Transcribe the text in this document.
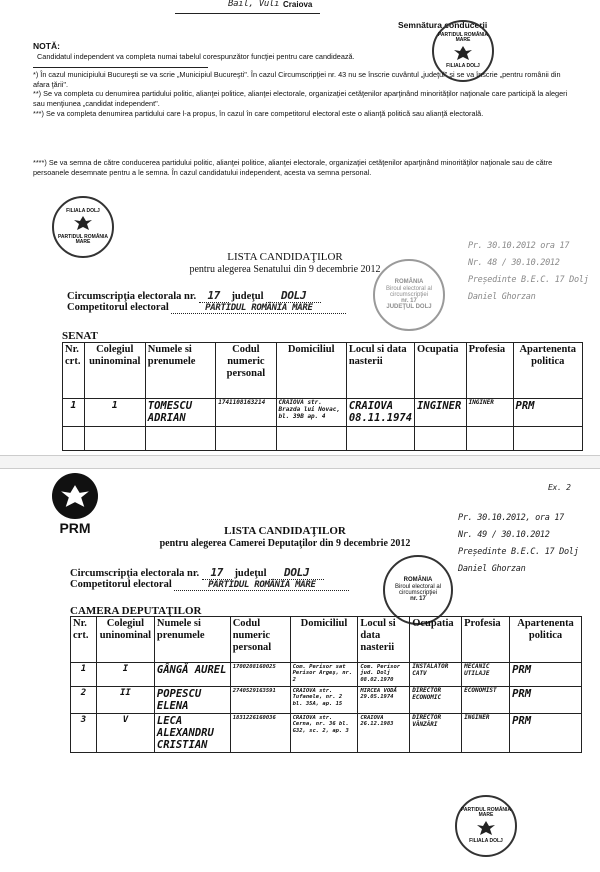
Bail, Vuli Craiova
Semnătura conducerii
PARTIDUL ROMÂNIA MARE
FILIALA DOLJ

NOTĂ:

Candidatul independent va completa numai tabelul corespunzător funcţiei pentru care candidează.

*) În cazul municipiului Bucureşti se va scrie „Municipiul Bucureşti". În cazul Circumscripţiei nr. 43 nu se înscrie cuvântul „judeţul" şi se va înscrie „pentru românii din afara ţării".

**) Se va completa cu denumirea partidului politic, alianţei politice, alianţei electorale, organizaţiei cetăţenilor aparţinând minorităţilor naţionale care participă la alegeri sau menţiunea „candidat independent".

***) Se va completa denumirea partidului care l-a propus, în cazul în care competitorul electoral este o alianţă politică sau alianţă electorală.

****) Se va semna de către conducerea partidului politic, alianţei politice, alianţei electorale, organizaţiei cetăţenilor aparţinând minorităţilor naţionale sau de către persoanele desemnate pentru a le semna. În cazul candidatului independent, acesta va semna personal.
FILIALA DOLJ
PARTIDUL ROMÂNIA MARE
LISTA CANDIDAŢILOR
pentru alegerea Senatului din 9 decembrie 2012
Circumscripţia electorala nr. 17 judeţul DOLJ
Competitorul electoral	PARTIDUL ROMÂNIA MARE
ROMÂNIA
Biroul electoral al circumscripţiei
nr. 17
JUDEŢUL DOLJ
Pr. 30.10.2012 ora 17
Nr. 48 / 30.10.2012
Președinte B.E.C. 17 Dolj
Daniel Ghorzan
SENAT
Nr. crt.	Colegiul uninominal	Numele si prenumele	Codul numeric personal	Domiciliul	Locul si data nasterii	Ocupatia	Profesia	Apartenenta politica
1	1	TOMESCU ADRIAN	1741108163214	CRAIOVA str. Brazda lui Novac, bl. 39B ap. 4	CRAIOVA 08.11.1974	INGINER	INGINER	PRM

PRM
Ex. 2
LISTA CANDIDAŢILOR
pentru alegerea Camerei Deputaţilor din 9 decembrie 2012
Circumscripţia electorala nr. 17 judeţul DOLJ
Competitorul electoral	PARTIDUL ROMÂNIA MARE
Pr. 30.10.2012, ora 17
Nr. 49 / 30.10.2012
Președinte B.E.C. 17 Dolj
Daniel Ghorzan
ROMÂNIA
Biroul electoral al circumscripţiei
nr. 17
CAMERA DEPUTAŢILOR
Nr. crt.	Colegiul uninominal	Numele si prenumele	Codul numeric personal	Domiciliul	Locul si data nasterii	Ocupatia	Profesia	Apartenenta politica
1	I	GÂNGĂ AUREL	1700208160025	Com. Perisor sat Perisor Argeş, nr. 2	Com. Perisor jud. Dolj 08.02.1970	INSTALATOR CATV	MECANIC UTILAJE	PRM
2	II	POPESCU ELENA	2740529163591	CRAIOVA str. Tufanele, nr. 2 bl. 35A, ap. 15	MIRCEA VODĂ 29.05.1974	DIRECTOR ECONOMIC	ECONOMIST	PRM
3	V	LECA ALEXANDRU CRISTIAN	1831226160036	CRAIOVA str. Cerna, nr. 36 bl. G32, sc. 2, ap. 3	CRAIOVA 26.12.1983	DIRECTOR VÂNZĂRI	INGINER	PRM
PARTIDUL ROMÂNIA MARE
FILIALA DOLJ
